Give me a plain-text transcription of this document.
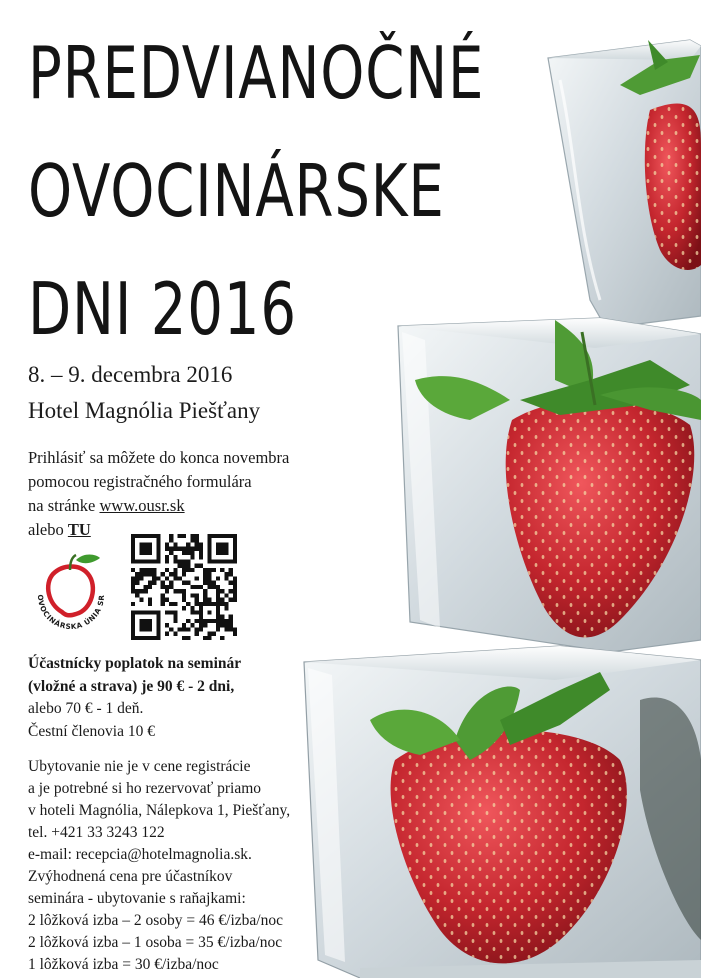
PREDVIANOČNÉ
OVOCINÁRSKE
DNI 2016
8. – 9. decembra 2016
Hotel Magnólia Piešťany
Prihlásiť sa môžete do konca novembra
pomocou registračného formulára
na stránke www.ousr.sk
alebo TU
OVOCINÁRSKA ÚNIA SR
Účastnícky poplatok na seminár
(vložné a strava) je 90 € - 2 dni,
alebo 70 € - 1 deň.
Čestní členovia 10 €
Ubytovanie nie je v cene registrácie
a je potrebné si ho rezervovať priamo
v hoteli Magnólia, Nálepkova 1, Piešťany,
tel. +421 33 3243 122
e-mail: recepcia@hotelmagnolia.sk.
Zvýhodnená cena pre účastníkov
seminára - ubytovanie s raňajkami:
2 lôžková izba – 2 osoby = 46 €/izba/noc
2 lôžková izba – 1 osoba = 35 €/izba/noc
1 lôžková izba = 30 €/izba/noc
